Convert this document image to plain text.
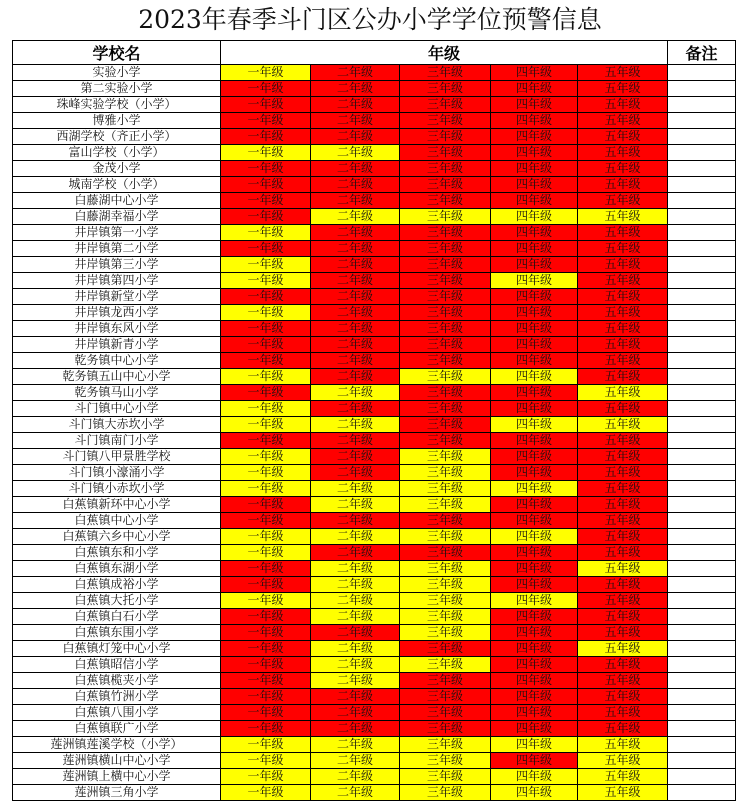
2023年春季斗门区公办小学学位预警信息
学校名	年级					备注
实验小学	一年级	二年级	三年级	四年级	五年级	
第二实验小学	一年级	二年级	三年级	四年级	五年级	
珠峰实验学校（小学）	一年级	二年级	三年级	四年级	五年级	
博雅小学	一年级	二年级	三年级	四年级	五年级	
西湖学校（齐正小学）	一年级	二年级	三年级	四年级	五年级	
富山学校（小学）	一年级	二年级	三年级	四年级	五年级	
金茂小学	一年级	二年级	三年级	四年级	五年级	
城南学校（小学）	一年级	二年级	三年级	四年级	五年级	
白藤湖中心小学	一年级	二年级	三年级	四年级	五年级	
白藤湖幸福小学	一年级	二年级	三年级	四年级	五年级	
井岸镇第一小学	一年级	二年级	三年级	四年级	五年级	
井岸镇第二小学	一年级	二年级	三年级	四年级	五年级	
井岸镇第三小学	一年级	二年级	三年级	四年级	五年级	
井岸镇第四小学	一年级	二年级	三年级	四年级	五年级	
井岸镇新堂小学	一年级	二年级	三年级	四年级	五年级	
井岸镇龙西小学	一年级	二年级	三年级	四年级	五年级	
井岸镇东风小学	一年级	二年级	三年级	四年级	五年级	
井岸镇新青小学	一年级	二年级	三年级	四年级	五年级	
乾务镇中心小学	一年级	二年级	三年级	四年级	五年级	
乾务镇五山中心小学	一年级	二年级	三年级	四年级	五年级	
乾务镇马山小学	一年级	二年级	三年级	四年级	五年级	
斗门镇中心小学	一年级	二年级	三年级	四年级	五年级	
斗门镇大赤坎小学	一年级	二年级	三年级	四年级	五年级	
斗门镇南门小学	一年级	二年级	三年级	四年级	五年级	
斗门镇八甲景胜学校	一年级	二年级	三年级	四年级	五年级	
斗门镇小濠涌小学	一年级	二年级	三年级	四年级	五年级	
斗门镇小赤坎小学	一年级	二年级	三年级	四年级	五年级	
白蕉镇新环中心小学	一年级	二年级	三年级	四年级	五年级	
白蕉镇中心小学	一年级	二年级	三年级	四年级	五年级	
白蕉镇六乡中心小学	一年级	二年级	三年级	四年级	五年级	
白蕉镇东和小学	一年级	二年级	三年级	四年级	五年级	
白蕉镇东湖小学	一年级	二年级	三年级	四年级	五年级	
白蕉镇成裕小学	一年级	二年级	三年级	四年级	五年级	
白蕉镇大托小学	一年级	二年级	三年级	四年级	五年级	
白蕉镇白石小学	一年级	二年级	三年级	四年级	五年级	
白蕉镇东围小学	一年级	二年级	三年级	四年级	五年级	
白蕉镇灯笼中心小学	一年级	二年级	三年级	四年级	五年级	
白蕉镇昭信小学	一年级	二年级	三年级	四年级	五年级	
白蕉镇榄夹小学	一年级	二年级	三年级	四年级	五年级	
白蕉镇竹洲小学	一年级	二年级	三年级	四年级	五年级	
白蕉镇八围小学	一年级	二年级	三年级	四年级	五年级	
白蕉镇联广小学	一年级	二年级	三年级	四年级	五年级	
莲洲镇莲溪学校（小学）	一年级	二年级	三年级	四年级	五年级	
莲洲镇横山中心小学	一年级	二年级	三年级	四年级	五年级	
莲洲镇上横中心小学	一年级	二年级	三年级	四年级	五年级	
莲洲镇三角小学	一年级	二年级	三年级	四年级	五年级	
